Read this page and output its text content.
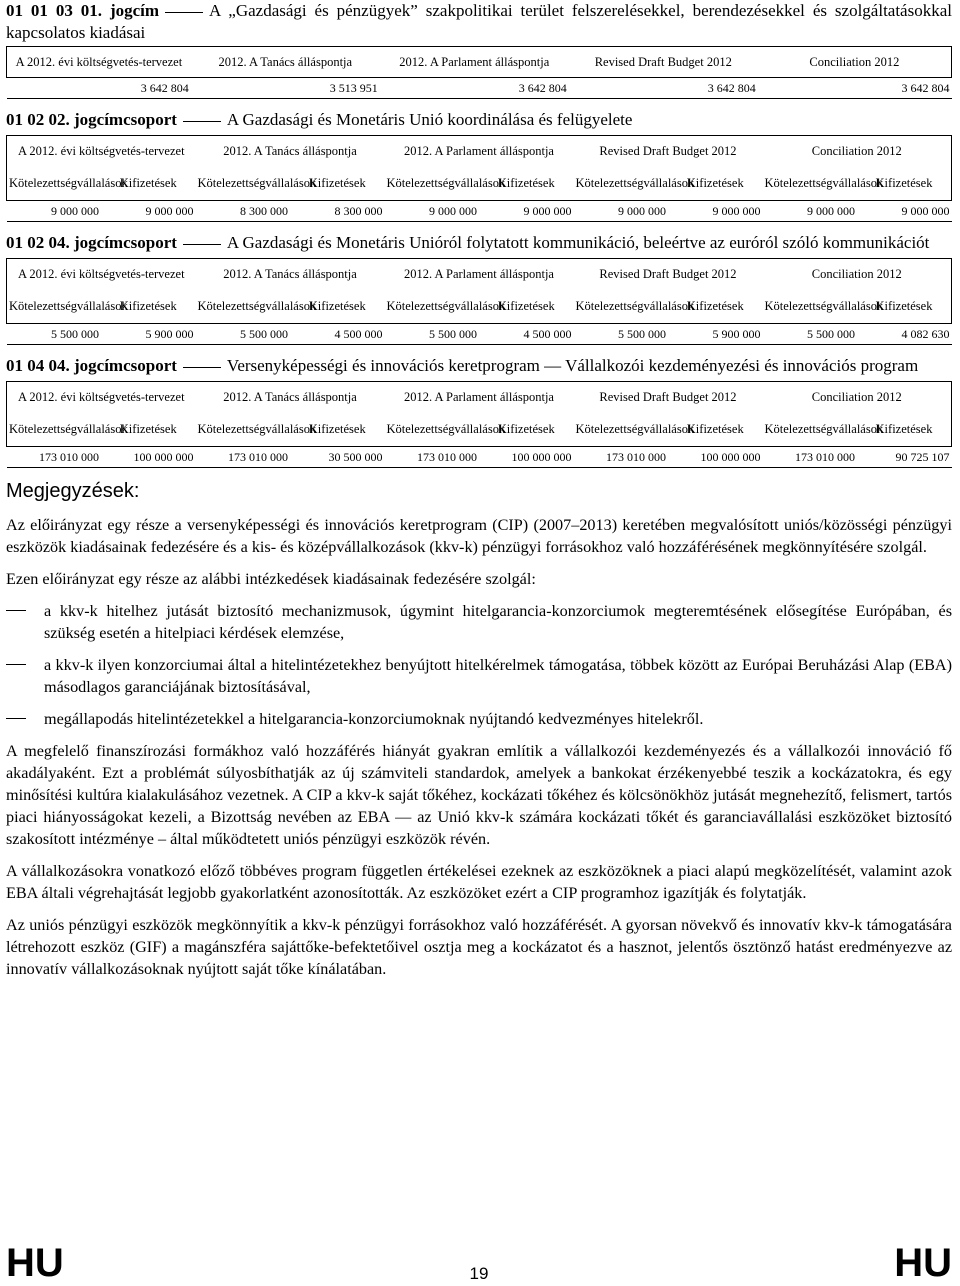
01 01 03 01. jogcím	A „Gazdasági és pénzügyek” szakpolitikai terület felszerelésekkel, berendezésekkel és szolgáltatásokkal kapcsolatos kiadásai
A 2012. évi költségvetés-tervezet	2012. A Tanács álláspontja	2012. A Parlament álláspontja	Revised Draft Budget 2012	Conciliation 2012
3 642 804	3 513 951	3 642 804	3 642 804	3 642 804
01 02 02. jogcímcsoport	A Gazdasági és Monetáris Unió koordinálása és felügyelete
A 2012. évi költségvetés-tervezet		2012. A Tanács álláspontja		2012. A Parlament álláspontja		Revised Draft Budget 2012		Conciliation 2012	
Kötelezettségvállalások	Kifizetések	Kötelezettségvállalások	Kifizetések	Kötelezettségvállalások	Kifizetések	Kötelezettségvállalások	Kifizetések	Kötelezettségvállalások	Kifizetések
9 000 000	9 000 000	8 300 000	8 300 000	9 000 000	9 000 000	9 000 000	9 000 000	9 000 000	9 000 000
01 02 04. jogcímcsoport	A Gazdasági és Monetáris Unióról folytatott kommunikáció, beleértve az euróról szóló kommunikációt
A 2012. évi költségvetés-tervezet		2012. A Tanács álláspontja		2012. A Parlament álláspontja		Revised Draft Budget 2012		Conciliation 2012	
Kötelezettségvállalások	Kifizetések	Kötelezettségvállalások	Kifizetések	Kötelezettségvállalások	Kifizetések	Kötelezettségvállalások	Kifizetések	Kötelezettségvállalások	Kifizetések
5 500 000	5 900 000	5 500 000	4 500 000	5 500 000	4 500 000	5 500 000	5 900 000	5 500 000	4 082 630
01 04 04. jogcímcsoport	Versenyképességi és innovációs keretprogram — Vállalkozói kezdeményezési és innovációs program
A 2012. évi költségvetés-tervezet		2012. A Tanács álláspontja		2012. A Parlament álláspontja		Revised Draft Budget 2012		Conciliation 2012	
Kötelezettségvállalások	Kifizetések	Kötelezettségvállalások	Kifizetések	Kötelezettségvállalások	Kifizetések	Kötelezettségvállalások	Kifizetések	Kötelezettségvállalások	Kifizetések
173 010 000	100 000 000	173 010 000	30 500 000	173 010 000	100 000 000	173 010 000	100 000 000	173 010 000	90 725 107
Megjegyzések:

Az előirányzat egy része a versenyképességi és innovációs keretprogram (CIP) (2007–2013) keretében megvalósított uniós/közösségi pénzügyi eszközök kiadásainak fedezésére és a kis- és középvállalkozások (kkv-k) pénzügyi forrásokhoz való hozzáférésének megkönnyítésére szolgál.

Ezen előirányzat egy része az alábbi intézkedések kiadásainak fedezésére szolgál:

a kkv-k hitelhez jutását biztosító mechanizmusok, úgymint hitelgarancia-konzorciumok megteremtésének elősegítése Európában, és szükség esetén a hitelpiaci kérdések elemzése,
a kkv-k ilyen konzorciumai által a hitelintézetekhez benyújtott hitelkérelmek támogatása, többek között az Európai Beruházási Alap (EBA) másodlagos garanciájának biztosításával,
megállapodás hitelintézetekkel a hitelgarancia-konzorciumoknak nyújtandó kedvezményes hitelekről.

A megfelelő finanszírozási formákhoz való hozzáférés hiányát gyakran említik a vállalkozói kezdeményezés és a vállalkozói innováció fő akadályaként. Ezt a problémát súlyosbíthatják az új számviteli standardok, amelyek a bankokat érzékenyebbé teszik a kockázatokra, és egy minősítési kultúra kialakulásához vezetnek. A CIP a kkv-k saját tőkéhez, kockázati tőkéhez és kölcsönökhöz jutását megnehezítő, felismert, tartós piaci hiányosságokat kezeli, a Bizottság nevében az EBA — az Unió kkv-k számára kockázati tőkét és garanciavállalási eszközöket biztosító szakosított intézménye – által működtetett uniós pénzügyi eszközök révén.

A vállalkozásokra vonatkozó előző többéves program független értékelései ezeknek az eszközöknek a piaci alapú megközelítését, valamint azok EBA általi végrehajtását legjobb gyakorlatként azonosították. Az eszközöket ezért a CIP programhoz igazítják és folytatják.

Az uniós pénzügyi eszközök megkönnyítik a kkv-k pénzügyi forrásokhoz való hozzáférését. A gyorsan növekvő és innovatív kkv-k támogatására létrehozott eszköz (GIF) a magánszféra sajáttőke-befektetőivel osztja meg a kockázatot és a hasznot, jelentős ösztönző hatást eredményezve az innovatív vállalkozásoknak nyújtott saját tőke kínálatában.

HU	19	HU
